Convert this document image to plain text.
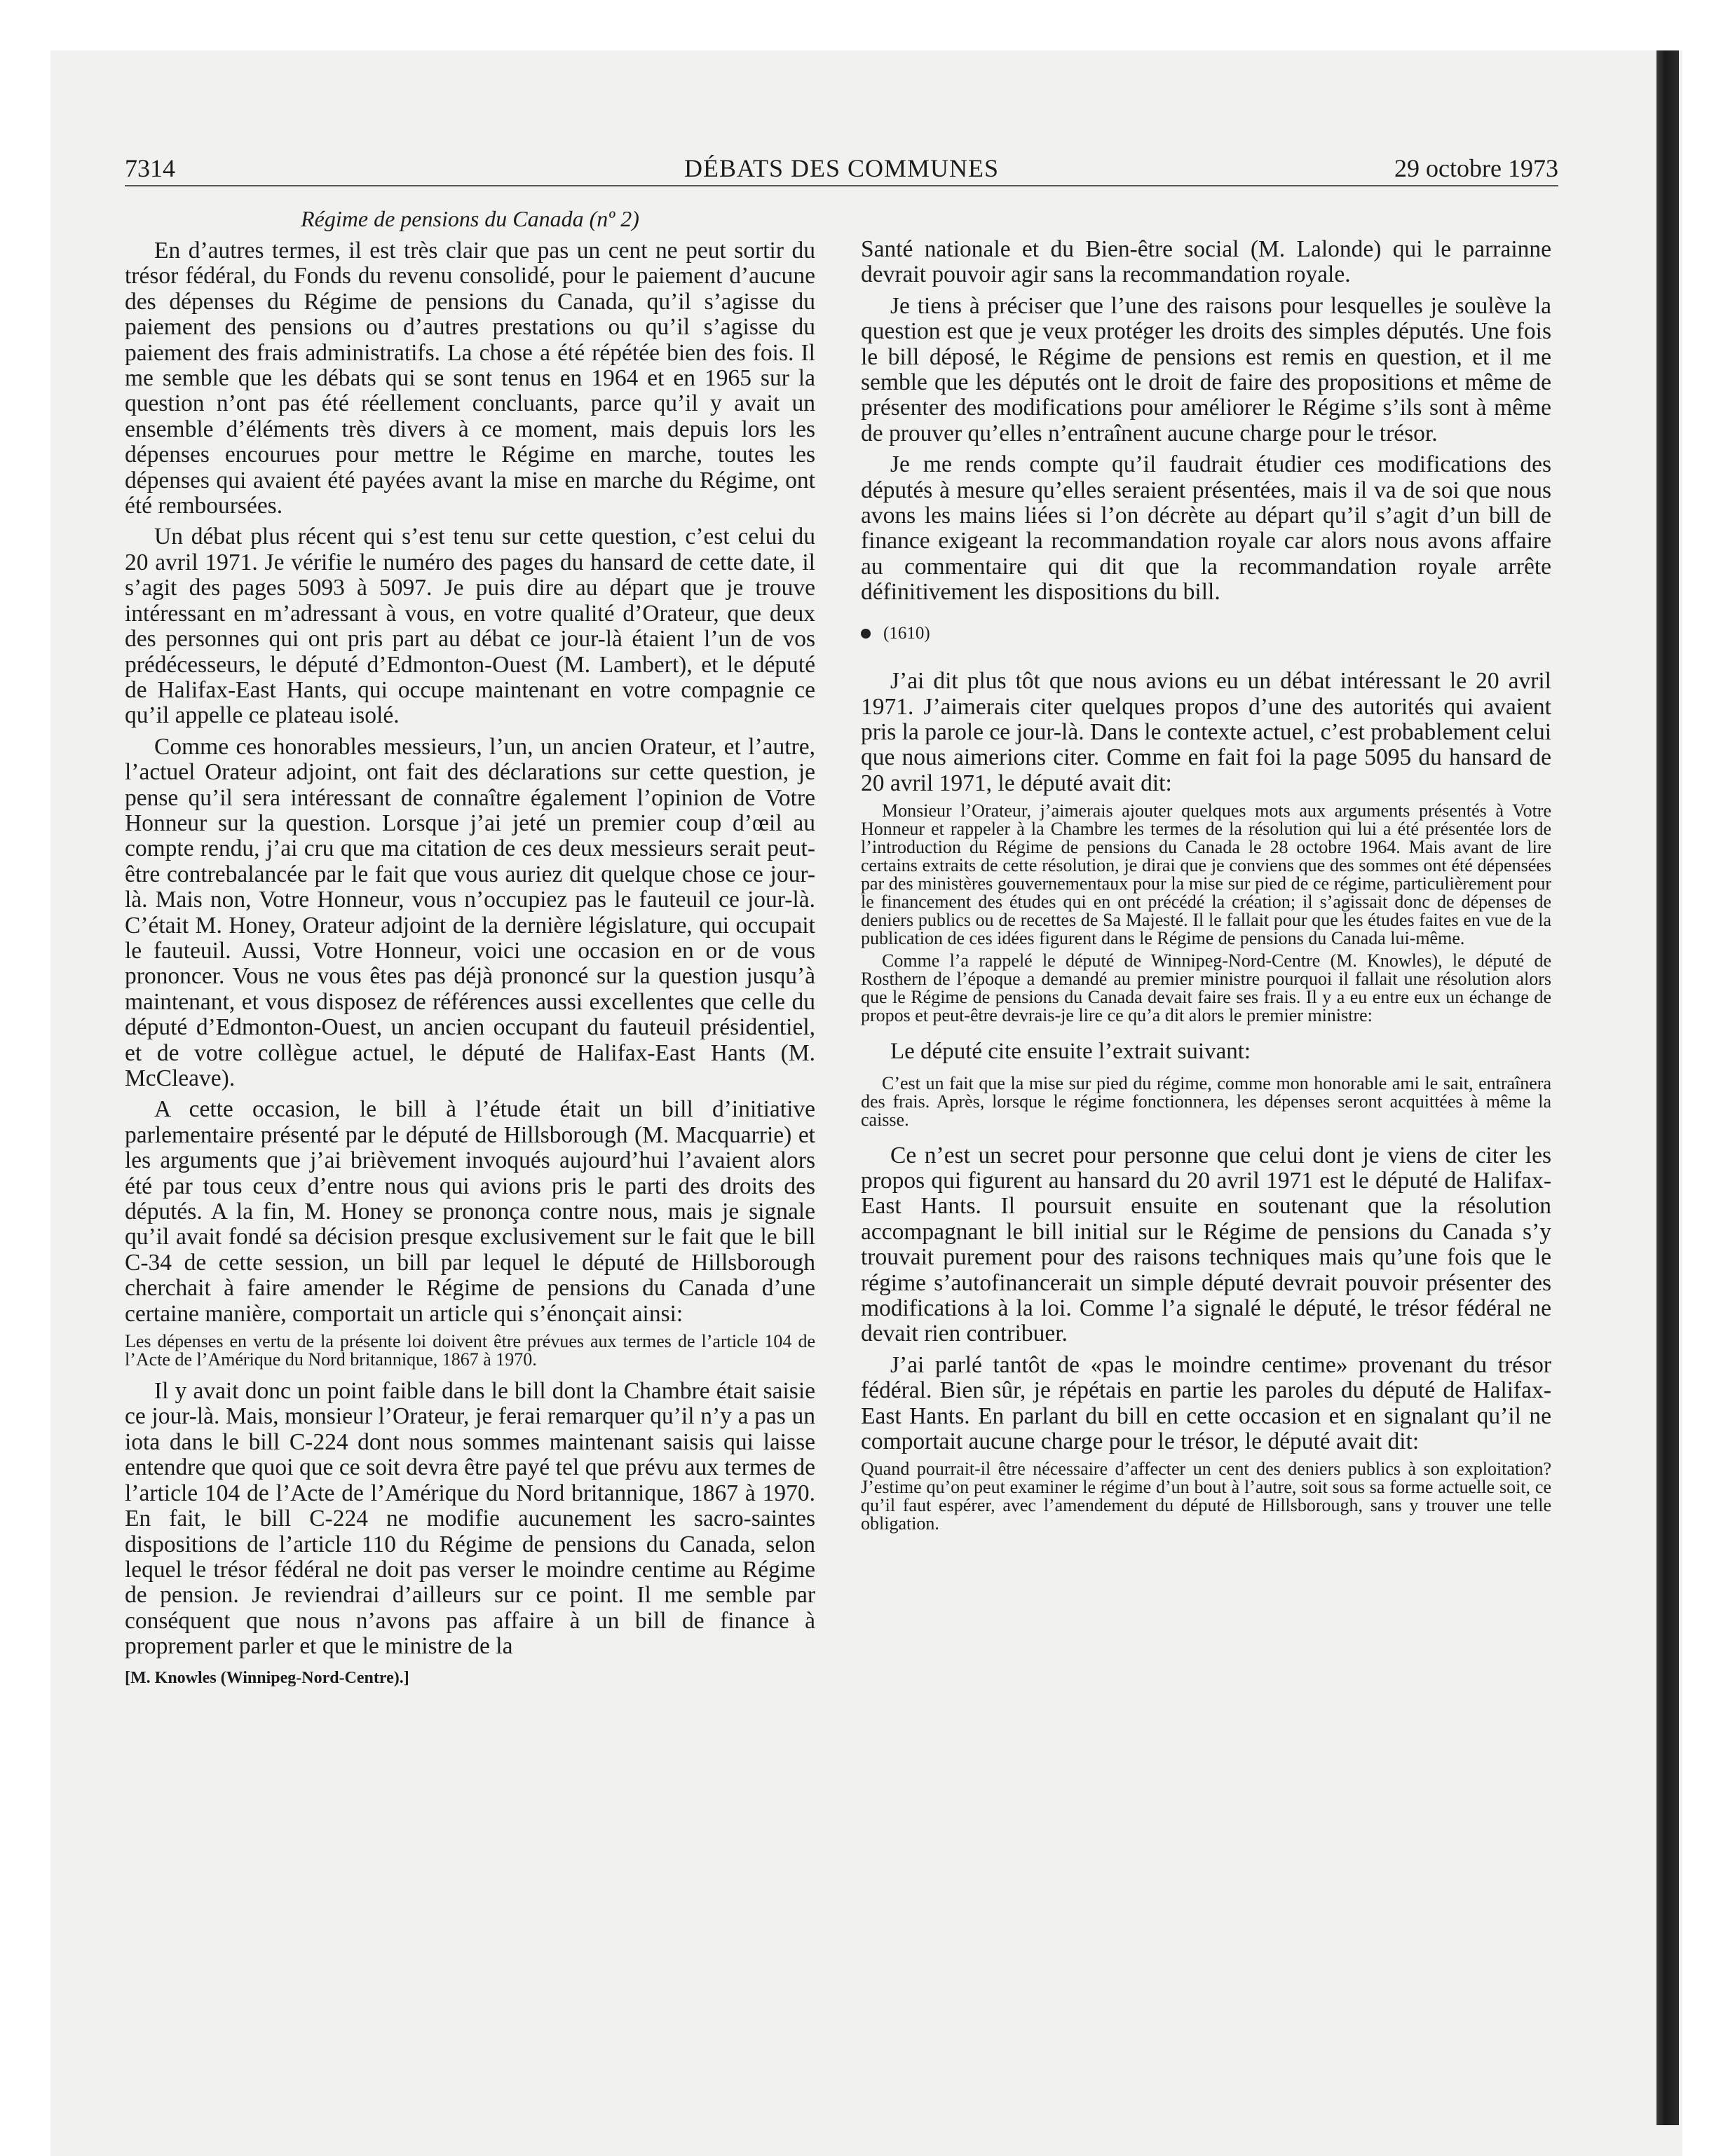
7314	DÉBATS DES COMMUNES	29 octobre 1973
Régime de pensions du Canada (nº 2)

En d’autres termes, il est très clair que pas un cent ne peut sortir du trésor fédéral, du Fonds du revenu consolidé, pour le paiement d’aucune des dépenses du Régime de pensions du Canada, qu’il s’agisse du paiement des pensions ou d’autres prestations ou qu’il s’agisse du paiement des frais administratifs. La chose a été répétée bien des fois. Il me semble que les débats qui se sont tenus en 1964 et en 1965 sur la question n’ont pas été réellement concluants, parce qu’il y avait un ensemble d’éléments très divers à ce moment, mais depuis lors les dépenses encourues pour mettre le Régime en marche, toutes les dépenses qui avaient été payées avant la mise en marche du Régime, ont été remboursées.

Un débat plus récent qui s’est tenu sur cette question, c’est celui du 20 avril 1971. Je vérifie le numéro des pages du hansard de cette date, il s’agit des pages 5093 à 5097. Je puis dire au départ que je trouve intéressant en m’adressant à vous, en votre qualité d’Orateur, que deux des personnes qui ont pris part au débat ce jour-là étaient l’un de vos prédécesseurs, le député d’Edmonton-Ouest (M. Lambert), et le député de Halifax-East Hants, qui occupe maintenant en votre compagnie ce qu’il appelle ce plateau isolé.

Comme ces honorables messieurs, l’un, un ancien Orateur, et l’autre, l’actuel Orateur adjoint, ont fait des déclarations sur cette question, je pense qu’il sera intéressant de connaître également l’opinion de Votre Honneur sur la question. Lorsque j’ai jeté un premier coup d’œil au compte rendu, j’ai cru que ma citation de ces deux messieurs serait peut-être contrebalancée par le fait que vous auriez dit quelque chose ce jour-là. Mais non, Votre Honneur, vous n’occupiez pas le fauteuil ce jour-là. C’était M. Honey, Orateur adjoint de la dernière législature, qui occupait le fauteuil. Aussi, Votre Honneur, voici une occasion en or de vous prononcer. Vous ne vous êtes pas déjà prononcé sur la question jusqu’à maintenant, et vous disposez de références aussi excellentes que celle du député d’Edmonton-Ouest, un ancien occupant du fauteuil présidentiel, et de votre collègue actuel, le député de Halifax-East Hants (M. McCleave).

A cette occasion, le bill à l’étude était un bill d’initiative parlementaire présenté par le député de Hillsborough (M. Macquarrie) et les arguments que j’ai brièvement invoqués aujourd’hui l’avaient alors été par tous ceux d’entre nous qui avions pris le parti des droits des députés. A la fin, M. Honey se prononça contre nous, mais je signale qu’il avait fondé sa décision presque exclusivement sur le fait que le bill C-34 de cette session, un bill par lequel le député de Hillsborough cherchait à faire amender le Régime de pensions du Canada d’une certaine manière, comportait un article qui s’énonçait ainsi:

Les dépenses en vertu de la présente loi doivent être prévues aux termes de l’article 104 de l’Acte de l’Amérique du Nord britannique, 1867 à 1970.

Il y avait donc un point faible dans le bill dont la Chambre était saisie ce jour-là. Mais, monsieur l’Orateur, je ferai remarquer qu’il n’y a pas un iota dans le bill C-224 dont nous sommes maintenant saisis qui laisse entendre que quoi que ce soit devra être payé tel que prévu aux termes de l’article 104 de l’Acte de l’Amérique du Nord britannique, 1867 à 1970. En fait, le bill C-224 ne modifie aucunement les sacro-saintes dispositions de l’article 110 du Régime de pensions du Canada, selon lequel le trésor fédéral ne doit pas verser le moindre centime au Régime de pension. Je reviendrai d’ailleurs sur ce point. Il me semble par conséquent que nous n’avons pas affaire à un bill de finance à proprement parler et que le ministre de la

[M. Knowles (Winnipeg-Nord-Centre).]

Santé nationale et du Bien-être social (M. Lalonde) qui le parrainne devrait pouvoir agir sans la recommandation royale.

Je tiens à préciser que l’une des raisons pour lesquelles je soulève la question est que je veux protéger les droits des simples députés. Une fois le bill déposé, le Régime de pensions est remis en question, et il me semble que les députés ont le droit de faire des propositions et même de présenter des modifications pour améliorer le Régime s’ils sont à même de prouver qu’elles n’entraînent aucune charge pour le trésor.

Je me rends compte qu’il faudrait étudier ces modifications des députés à mesure qu’elles seraient présentées, mais il va de soi que nous avons les mains liées si l’on décrète au départ qu’il s’agit d’un bill de finance exigeant la recommandation royale car alors nous avons affaire au commentaire qui dit que la recommandation royale arrête définitivement les dispositions du bill.

(1610)

J’ai dit plus tôt que nous avions eu un débat intéressant le 20 avril 1971. J’aimerais citer quelques propos d’une des autorités qui avaient pris la parole ce jour-là. Dans le contexte actuel, c’est probablement celui que nous aimerions citer. Comme en fait foi la page 5095 du hansard de 20 avril 1971, le député avait dit:

Monsieur l’Orateur, j’aimerais ajouter quelques mots aux arguments présentés à Votre Honneur et rappeler à la Chambre les termes de la résolution qui lui a été présentée lors de l’introduction du Régime de pensions du Canada le 28 octobre 1964. Mais avant de lire certains extraits de cette résolution, je dirai que je conviens que des sommes ont été dépensées par des ministères gouvernementaux pour la mise sur pied de ce régime, particulièrement pour le financement des études qui en ont précédé la création; il s’agissait donc de dépenses de deniers publics ou de recettes de Sa Majesté. Il le fallait pour que les études faites en vue de la publication de ces idées figurent dans le Régime de pensions du Canada lui-même.

Comme l’a rappelé le député de Winnipeg-Nord-Centre (M. Knowles), le député de Rosthern de l’époque a demandé au premier ministre pourquoi il fallait une résolution alors que le Régime de pensions du Canada devait faire ses frais. Il y a eu entre eux un échange de propos et peut-être devrais-je lire ce qu’a dit alors le premier ministre:

Le député cite ensuite l’extrait suivant:

C’est un fait que la mise sur pied du régime, comme mon honorable ami le sait, entraînera des frais. Après, lorsque le régime fonctionnera, les dépenses seront acquittées à même la caisse.

Ce n’est un secret pour personne que celui dont je viens de citer les propos qui figurent au hansard du 20 avril 1971 est le député de Halifax-East Hants. Il poursuit ensuite en soutenant que la résolution accompagnant le bill initial sur le Régime de pensions du Canada s’y trouvait purement pour des raisons techniques mais qu’une fois que le régime s’autofinancerait un simple député devrait pouvoir présenter des modifications à la loi. Comme l’a signalé le député, le trésor fédéral ne devait rien contribuer.

J’ai parlé tantôt de «pas le moindre centime» provenant du trésor fédéral. Bien sûr, je répétais en partie les paroles du député de Halifax-East Hants. En parlant du bill en cette occasion et en signalant qu’il ne comportait aucune charge pour le trésor, le député avait dit:

Quand pourrait-il être nécessaire d’affecter un cent des deniers publics à son exploitation? J’estime qu’on peut examiner le régime d’un bout à l’autre, soit sous sa forme actuelle soit, ce qu’il faut espérer, avec l’amendement du député de Hillsborough, sans y trouver une telle obligation.
